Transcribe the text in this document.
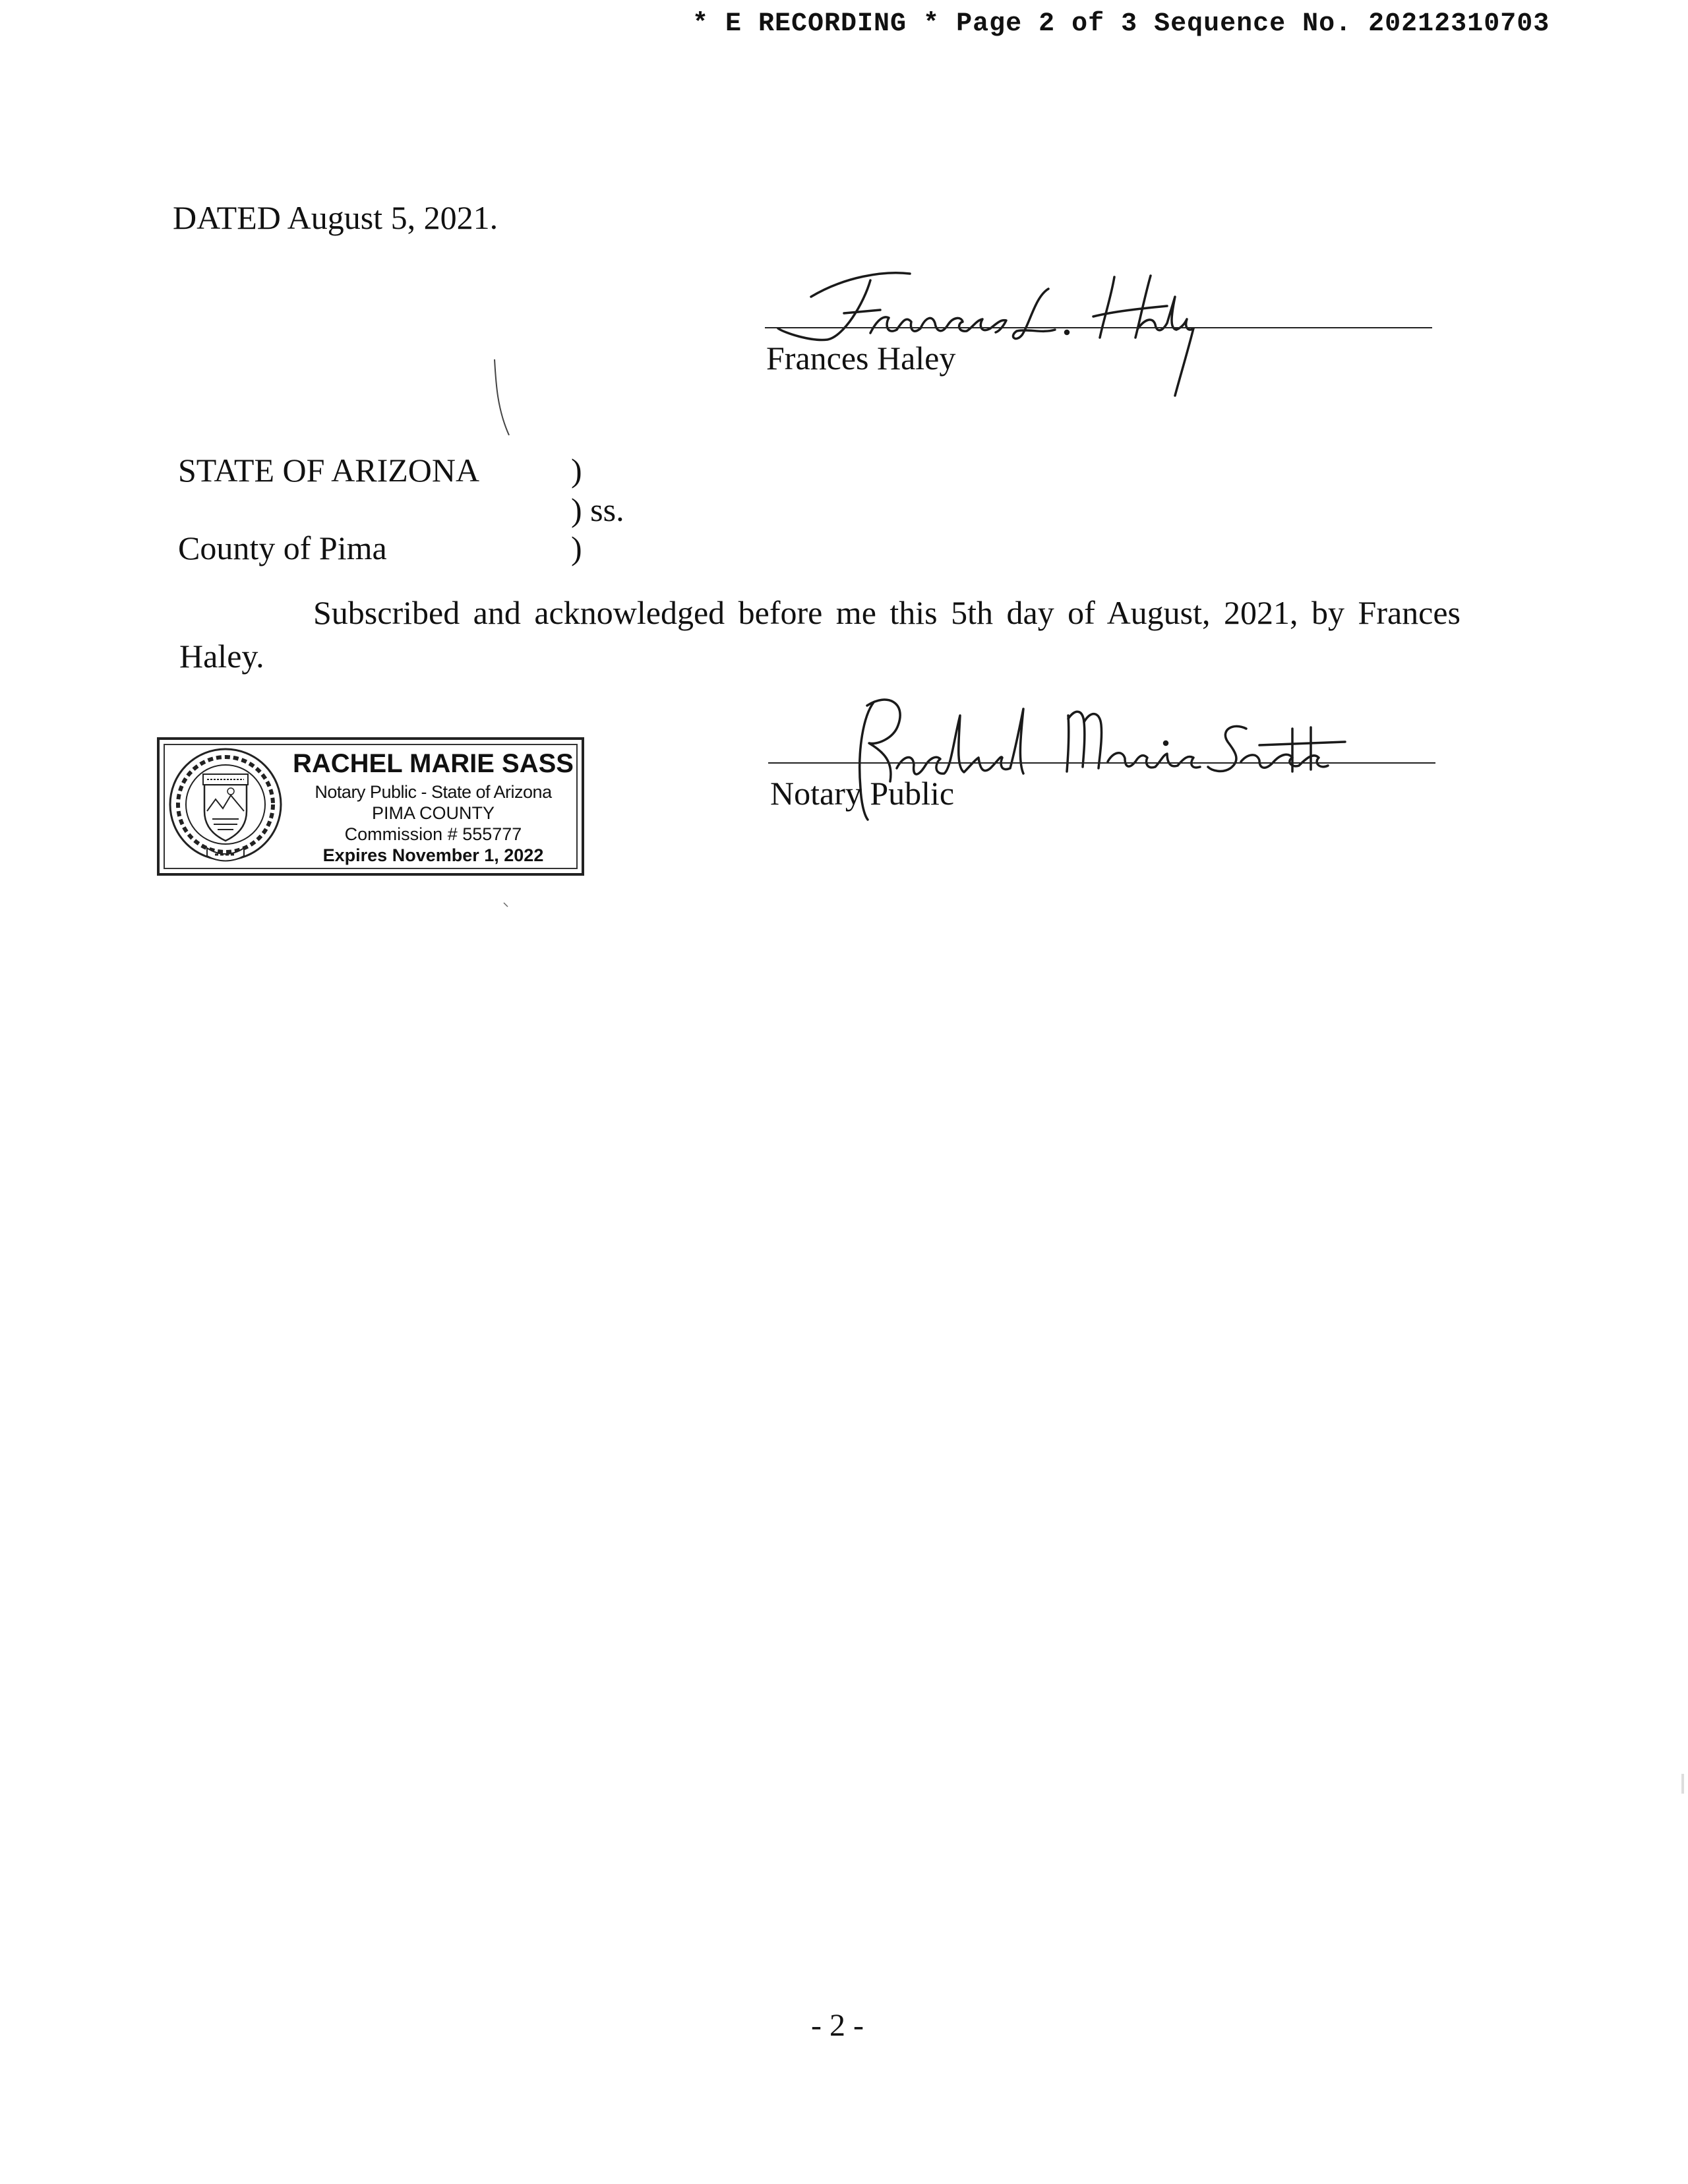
* E RECORDING * Page 2 of 3 Sequence No. 20212310703
DATED August 5, 2021.
Frances Haley
STATE OF ARIZONA
County of Pima
)
) ss.
)
Subscribed and acknowledged before me this 5th day of August, 2021, by Frances
Haley.
RACHEL MARIE SASS
Notary Public - State of Arizona
PIMA COUNTY
Commission # 555777
Expires November 1, 2022
Notary Public
- 2 -
